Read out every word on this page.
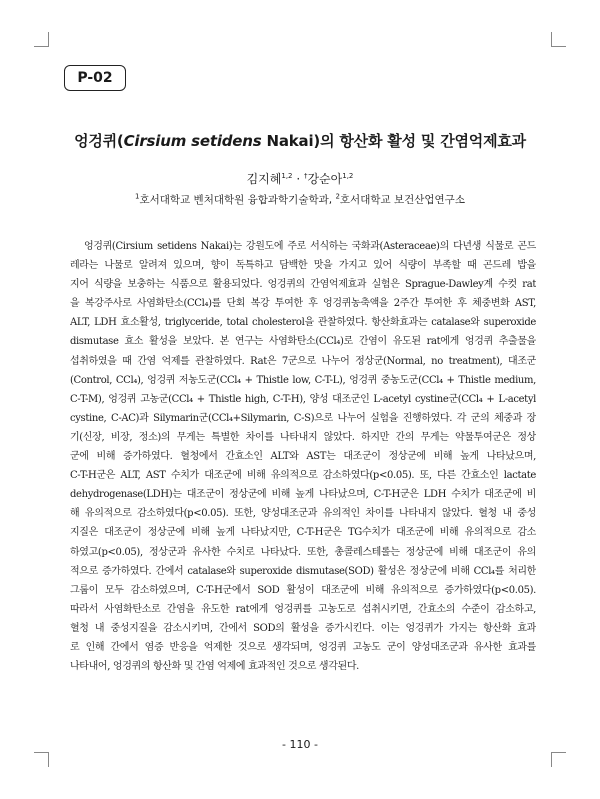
P-02
엉겅퀴(Cirsium setidens Nakai)의 항산화 활성 및 간염억제효과
김지혜$^{1,2}$ · †강순아$^{1,2}$
$^1$호서대학교 벤처대학원 융합과학기술학과, $^2$호서대학교 보건산업연구소
엉겅퀴(Cirsium setidens Nakai)는 강원도에 주로 서식하는 국화과(Asteraceae)의 다년생 식물로 곤드
레라는 나물로 알려져 있으며, 향이 독특하고 담백한 맛을 가지고 있어 식량이 부족할 때 곤드레 밥을
지어 식량을 보충하는 식품으로 활용되었다. 엉겅퀴의 간염억제효과 실험은 Sprague-Dawley계 수컷 rat
을 복강주사로 사염화탄소(CCl₄)를 단회 복강 투여한 후 엉겅퀴농축액을 2주간 투여한 후 체중변화 AST,
ALT, LDH 효소활성, triglyceride, total cholesterol을 관찰하였다. 항산화효과는 catalase와 superoxide
dismutase 효소 활성을 보았다. 본 연구는 사염화탄소(CCl₄)로 간염이 유도된 rat에게 엉겅퀴 추출물을
섭취하였을 때 간염 억제를 관찰하였다. Rat은 7군으로 나누어 정상군(Normal, no treatment), 대조군
(Control, CCl₄), 엉겅퀴 저농도군(CCl₄ + Thistle low, C-T-L), 엉겅퀴 중농도군(CCl₄ + Thistle medium,
C-T-M), 엉겅퀴 고농군(CCl₄ + Thistle high, C-T-H), 양성 대조군인 L-acetyl cystine군(CCl₄ + L-acetyl
cystine, C-AC)과 Silymarin군(CCl₄+Silymarin, C-S)으로 나누어 실험을 진행하였다. 각 군의 체중과 장
기(신장, 비장, 정소)의 무게는 특별한 차이를 나타내지 않았다. 하지만 간의 무게는 약물투여군은 정상
군에 비해 증가하였다. 혈청에서 간효소인 ALT와 AST는 대조군이 정상군에 비해 높게 나타났으며,
C-T-H군은 ALT, AST 수치가 대조군에 비해 유의적으로 감소하였다(p<0.05). 또, 다른 간효소인 lactate
dehydrogenase(LDH)는 대조군이 정상군에 비해 높게 나타났으며, C-T-H군은 LDH 수치가 대조군에 비
해 유의적으로 감소하였다(p<0.05). 또한, 양성대조군과 유의적인 차이를 나타내지 않았다. 혈청 내 중성
지질은 대조군이 정상군에 비해 높게 나타났지만, C-T-H군은 TG수치가 대조군에 비해 유의적으로 감소
하였고(p<0.05), 정상군과 유사한 수치로 나타났다. 또한, 총콜레스테롤는 정상군에 비해 대조군이 유의
적으로 증가하였다. 간에서 catalase와 superoxide dismutase(SOD) 활성은 정상군에 비해 CCl₄를 처리한
그룹이 모두 감소하였으며, C-T-H군에서 SOD 활성이 대조군에 비해 유의적으로 증가하였다(p<0.05).
따라서 사염화탄소로 간염을 유도한 rat에게 엉겅퀴를 고농도로 섭취시키면, 간효소의 수준이 감소하고,
혈청 내 중성지질을 감소시키며, 간에서 SOD의 활성을 증가시킨다. 이는 엉겅퀴가 가지는 항산화 효과
로 인해 간에서 염증 반응을 억제한 것으로 생각되며, 엉겅퀴 고농도 군이 양성대조군과 유사한 효과를
나타내어, 엉겅퀴의 항산화 및 간염 억제에 효과적인 것으로 생각된다.
- 110 -
